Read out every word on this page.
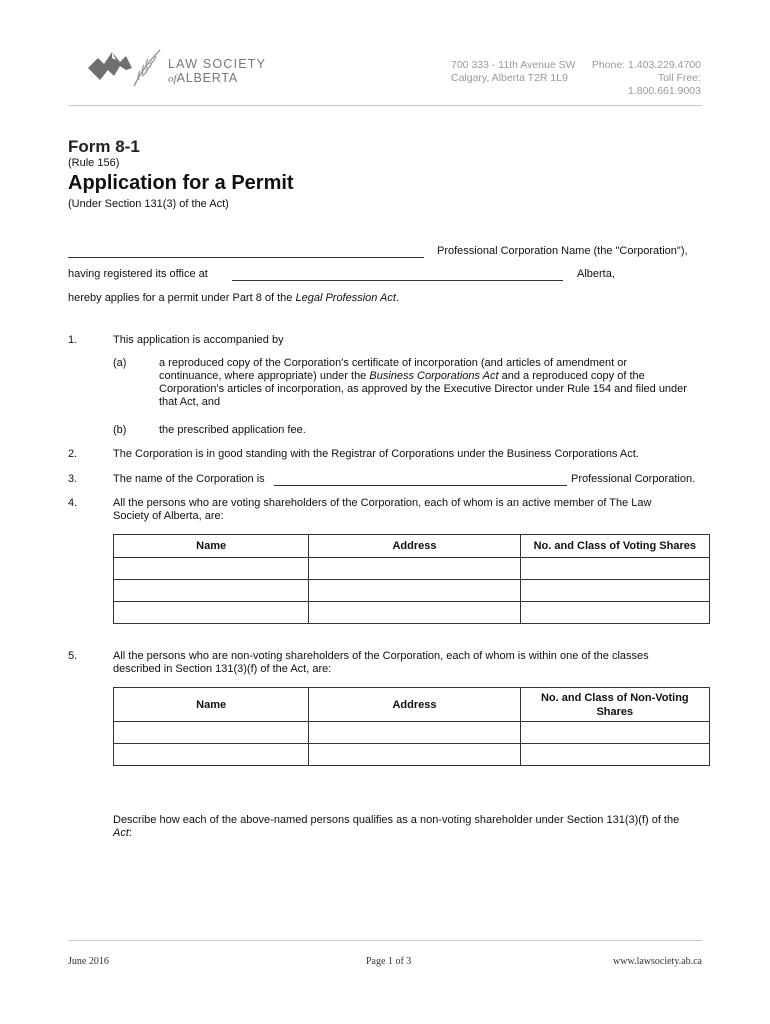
LAW SOCIETY
ofALBERTA
700 333 - 11th Avenue SW
Calgary, Alberta T2R 1L9
Phone: 1.403.229.4700
Toll Free: 1.800.661.9003
Form 8-1
(Rule 156)
Application for a Permit
(Under Section 131(3) of the Act)
Professional Corporation Name (the "Corporation"),
having registered its office at	Alberta,
hereby applies for a permit under Part 8 of the Legal Profession Act.
1.	This application is accompanied by
(a)	a reproduced copy of the Corporation's certificate of incorporation (and articles of amendment or
continuance, where appropriate) under the Business Corporations Act and a reproduced copy of the
Corporation's articles of incorporation, as approved by the Executive Director under Rule 154 and filed under
that Act, and
(b)	the prescribed application fee.
2.	The Corporation is in good standing with the Registrar of Corporations under the Business Corporations Act.
3.	The name of the Corporation is	Professional Corporation.
4.	All the persons who are voting shareholders of the Corporation, each of whom is an active member of The Law
Society of Alberta, are:
Name	Address	No. and Class of Voting Shares

5.	All the persons who are non-voting shareholders of the Corporation, each of whom is within one of the classes
described in Section 131(3)(f) of the Act, are:
Name	Address	No. and Class of Non-Voting
Shares

Describe how each of the above-named persons qualifies as a non-voting shareholder under Section 131(3)(f) of the
Act:
June 2016	Page 1 of 3	www.lawsociety.ab.ca
